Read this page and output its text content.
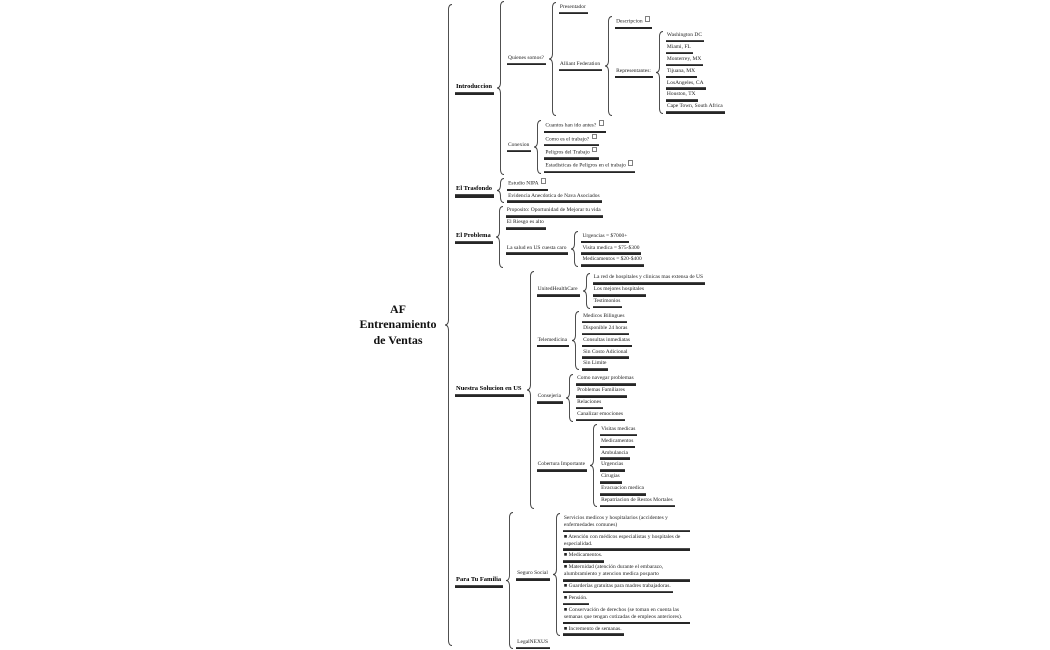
AF
Entrenamiento
de Ventas
Introduccion
Quienes somos?
Presentador
Alliant Federation
Descripcion
Representantes:
Washington DC
Miami, FL
Monterrey, MX
Tijuana, MX
LosAngeles, CA
Houston, TX
Cape Town, South Africa
Conexion
Cuantos han ido antes?
Como es el trabajo?
Peligros del Trabajo
Estadisticas de Peligros en el trabajo
El Trasfondo
Estudio NIPA
Evidencia Anecdotica de Nava Asociados
El Problema
Proposito: Oportunidad de Mejorar tu vida
El Riesgo es alto
La salud en US cuesta caro
Urgencias = $7000+
Visita medica = $75-$300
Medicamentos = $20-$400
Nuestra Solucion en US
UnitedHealthCare
La red de hospitales y clinicas mas extensa de US
Los mejores hospitales
Testimonios
Telemedicina
Medicos Bilingues
Disponible 24 horas
Consultas inmediatas
Sin Costo Adicional
Sin Limite
Consejeria
Como navegar problemas
Problemas Familiares
Relaciones
Canalizar emociones
Cobertura Importante
Visitas medicas
Medicamentos
Ambulancia
Urgencias
Cirugias
Evacuacion medica
Repatriacion de Restos Mortales
Para Tu Familia
Seguro Social
Servicios medicos y hospitalarios (accidentes y enfermedades comunes)
■ Atención con médicos especialistas y hospitales de especialidad.
■ Medicamentos.
■ Maternidad (atención durante el embarazo, alumbramiento y atencion medica posparto
■ Guarderías gratuitas para madres trabajadoras.
■ Pensión.
■ Conservación de derechos (se toman en cuenta las semanas que tengan cotizadas de empleos anteriores).
■ Incremento de semanas.
LegalNEXUS
